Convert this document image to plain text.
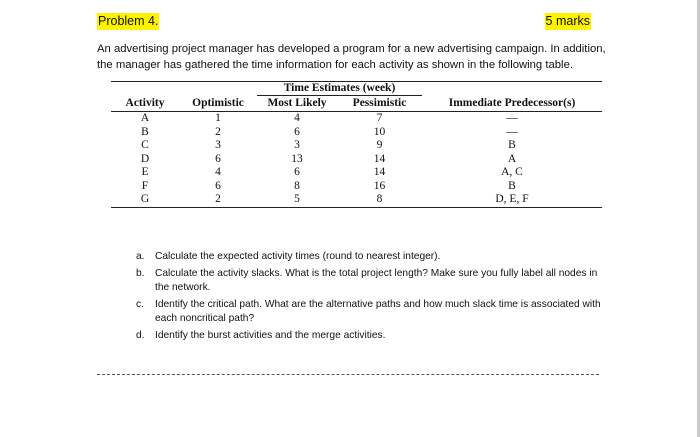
Problem 4.	5 marks

An advertising project manager has developed a program for a new advertising campaign. In addition,

the manager has gathered the time information for each activity as shown in the following table.

		Time Estimates (week)		
Activity	Optimistic	Most Likely	Pessimistic	Immediate Predecessor(s)
A	1	4	7	—
B	2	6	10	—
C	3	3	9	B
D	6	13	14	A
E	4	6	14	A, C
F	6	8	16	B
G	2	5	8	D, E, F
a.	Calculate the expected activity times (round to nearest integer).
b.	Calculate the activity slacks. What is the total project length? Make sure you fully label all nodes in the network.
c.	Identify the critical path. What are the alternative paths and how much slack time is associated with each noncritical path?
d.	Identify the burst activities and the merge activities.
